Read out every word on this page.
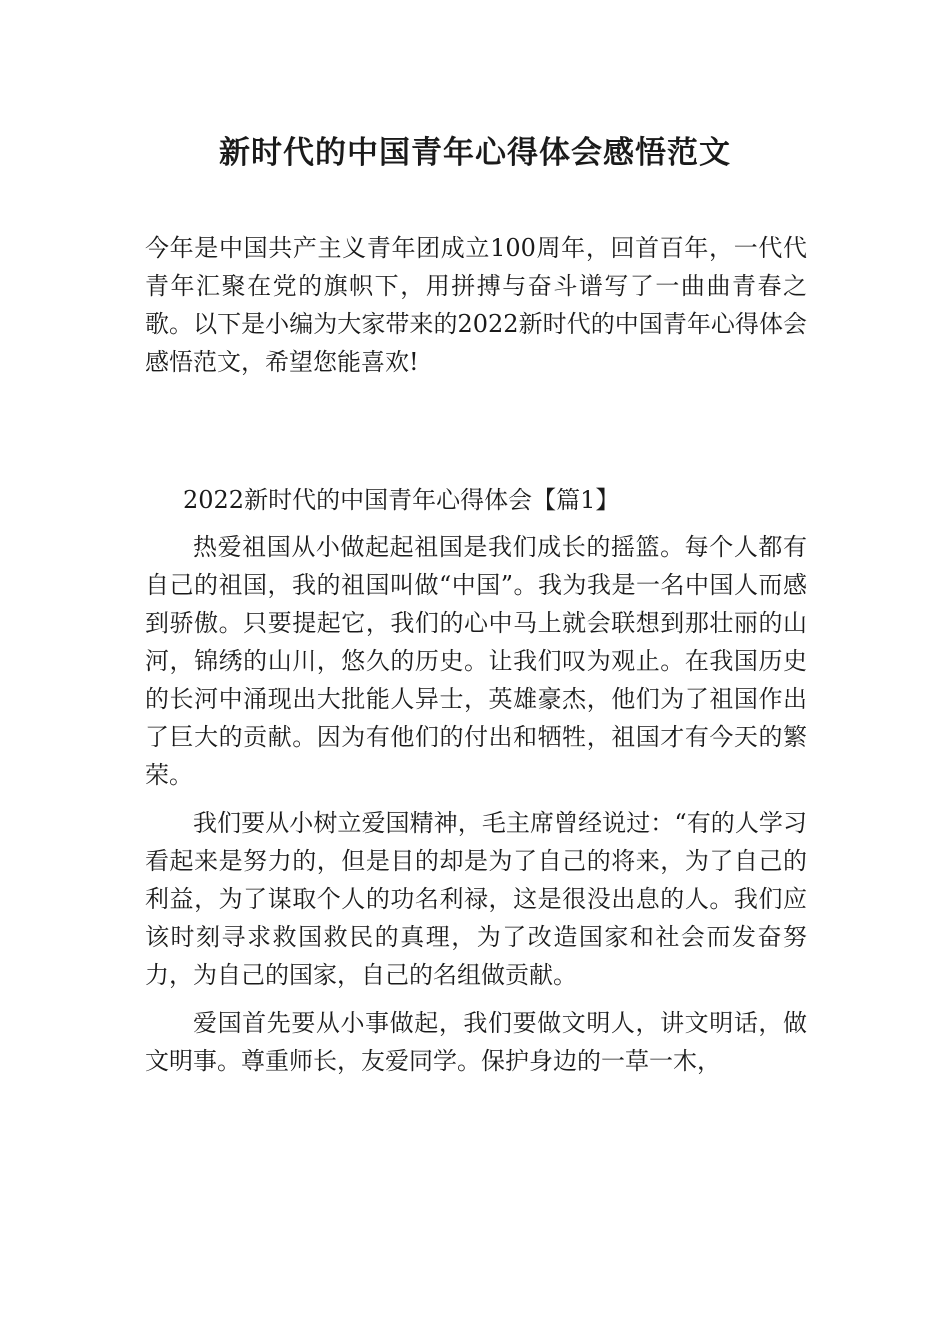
新时代的中国青年心得体会感悟范文
今年是中国共产主义青年团成立100周年，回首百年，一代代青年汇聚在党的旗帜下，用拼搏与奋斗谱写了一曲曲青春之歌。以下是小编为大家带来的2022新时代的中国青年心得体会感悟范文，希望您能喜欢!
2022新时代的中国青年心得体会【篇1】

热爱祖国从小做起起祖国是我们成长的摇篮。每个人都有自己的祖国，我的祖国叫做“中国”。我为我是一名中国人而感到骄傲。只要提起它，我们的心中马上就会联想到那壮丽的山河，锦绣的山川，悠久的历史。让我们叹为观止。在我国历史的长河中涌现出大批能人异士，英雄豪杰，他们为了祖国作出了巨大的贡献。因为有他们的付出和牺牲，祖国才有今天的繁荣。

我们要从小树立爱国精神，毛主席曾经说过：“有的人学习看起来是努力的，但是目的却是为了自己的将来，为了自己的利益，为了谋取个人的功名利禄，这是很没出息的人。我们应该时刻寻求救国救民的真理，为了改造国家和社会而发奋努力，为自己的国家，自己的名组做贡献。

爱国首先要从小事做起，我们要做文明人，讲文明话，做文明事。尊重师长，友爱同学。保护身边的一草一木，
